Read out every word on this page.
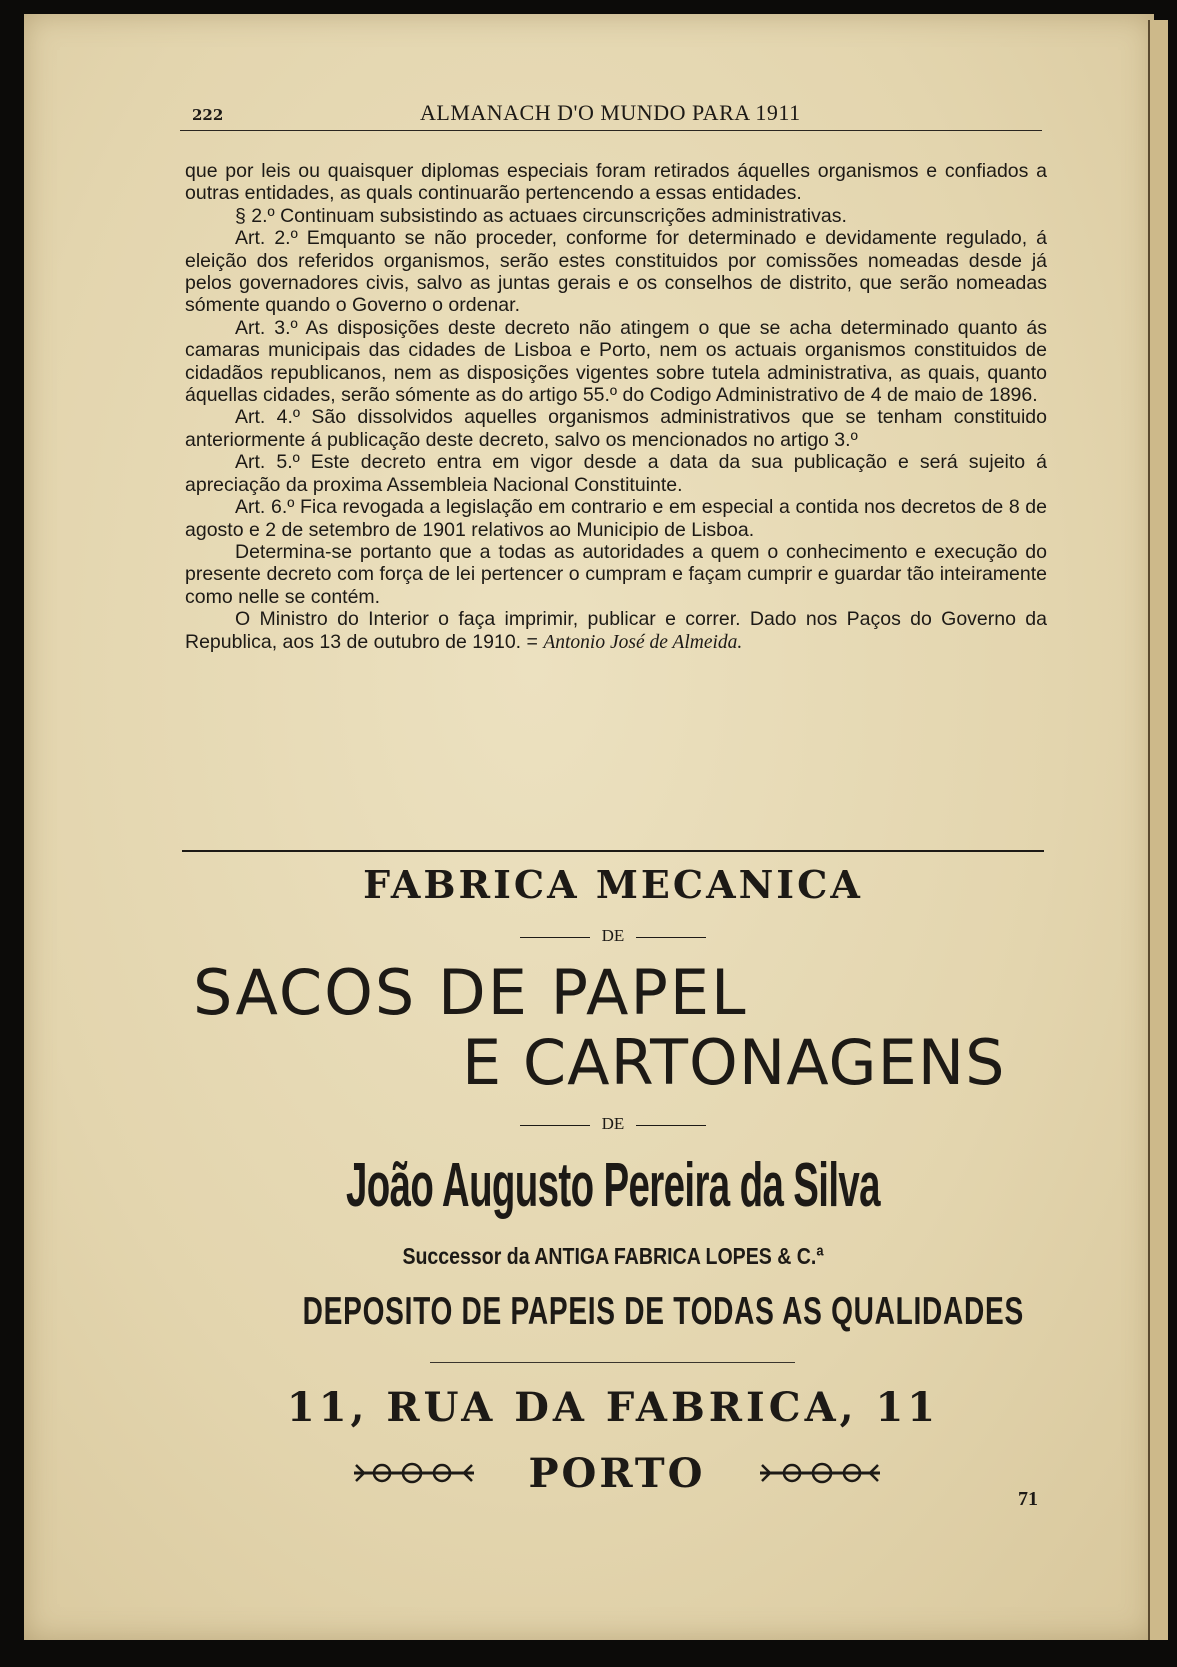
222	ALMANACH D'O MUNDO PARA 1911

que por leis ou quaisquer diplomas especiais foram retirados áquelles organismos e confiados a outras entidades, as quals continuarão pertencendo a essas entidades.

§ 2.º Continuam subsistindo as actuaes circunscrições administrativas.

Art. 2.º Emquanto se não proceder, conforme for determinado e devidamente regulado, á eleição dos referidos organismos, serão estes constituidos por comissões nomeadas desde já pelos governadores civis, salvo as juntas gerais e os conselhos de distrito, que serão nomeadas sómente quando o Governo o ordenar.

Art. 3.º As disposições deste decreto não atingem o que se acha determinado quanto ás camaras municipais das cidades de Lisboa e Porto, nem os actuais organismos constituidos de cidadãos republicanos, nem as disposições vigentes sobre tutela administrativa, as quais, quanto áquellas cidades, serão sómente as do artigo 55.º do Codigo Administrativo de 4 de maio de 1896.

Art. 4.º São dissolvidos aquelles organismos administrativos que se tenham constituido anteriormente á publicação deste decreto, salvo os mencionados no artigo 3.º

Art. 5.º Este decreto entra em vigor desde a data da sua publicação e será sujeito á apreciação da proxima Assembleia Nacional Constituinte.

Art. 6.º Fica revogada a legislação em contrario e em especial a contida nos decretos de 8 de agosto e 2 de setembro de 1901 relativos ao Municipio de Lisboa.

Determina-se portanto que a todas as autoridades a quem o conhecimento e execução do presente decreto com força de lei pertencer o cumpram e façam cumprir e guardar tão inteiramente como nelle se contém.

O Ministro do Interior o faça imprimir, publicar e correr. Dado nos Paços do Governo da Republica, aos 13 de outubro de 1910. = Antonio José de Almeida.

FABRICA MECANICA
DE
SACOS DE PAPEL
E CARTONAGENS
DE
João Augusto Pereira da Silva
Successor da ANTIGA FABRICA LOPES & C.ª
DEPOSITO DE PAPEIS DE TODAS AS QUALIDADES
11, RUA DA FABRICA, 11
PORTO
71
